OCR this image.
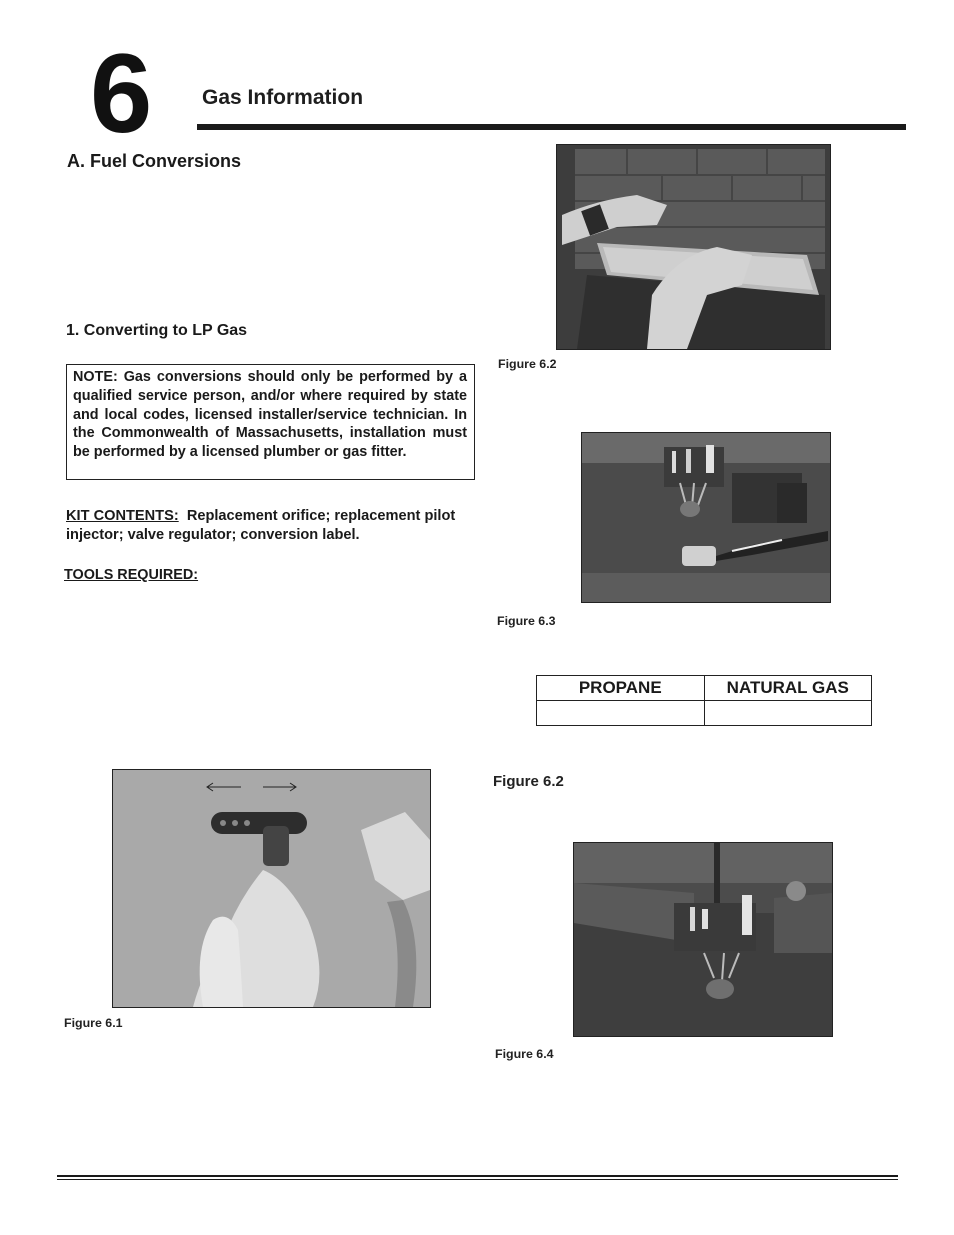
6 Gas Information
A. Fuel Conversions
1. Converting to LP Gas
NOTE: Gas conversions should only be performed by a qualified service person, and/or where required by state and local codes, licensed installer/service technician. In the Commonwealth of Massachusetts, installation must be performed by a licensed plumber or gas fitter.
KIT CONTENTS: Replacement orifice; replacement pilot injector; valve regulator; conversion label.
TOOLS REQUIRED:
Figure 6.2
Figure 6.3
PROPANE	NATURAL GAS

Figure 6.2
Figure 6.1
Figure 6.4
